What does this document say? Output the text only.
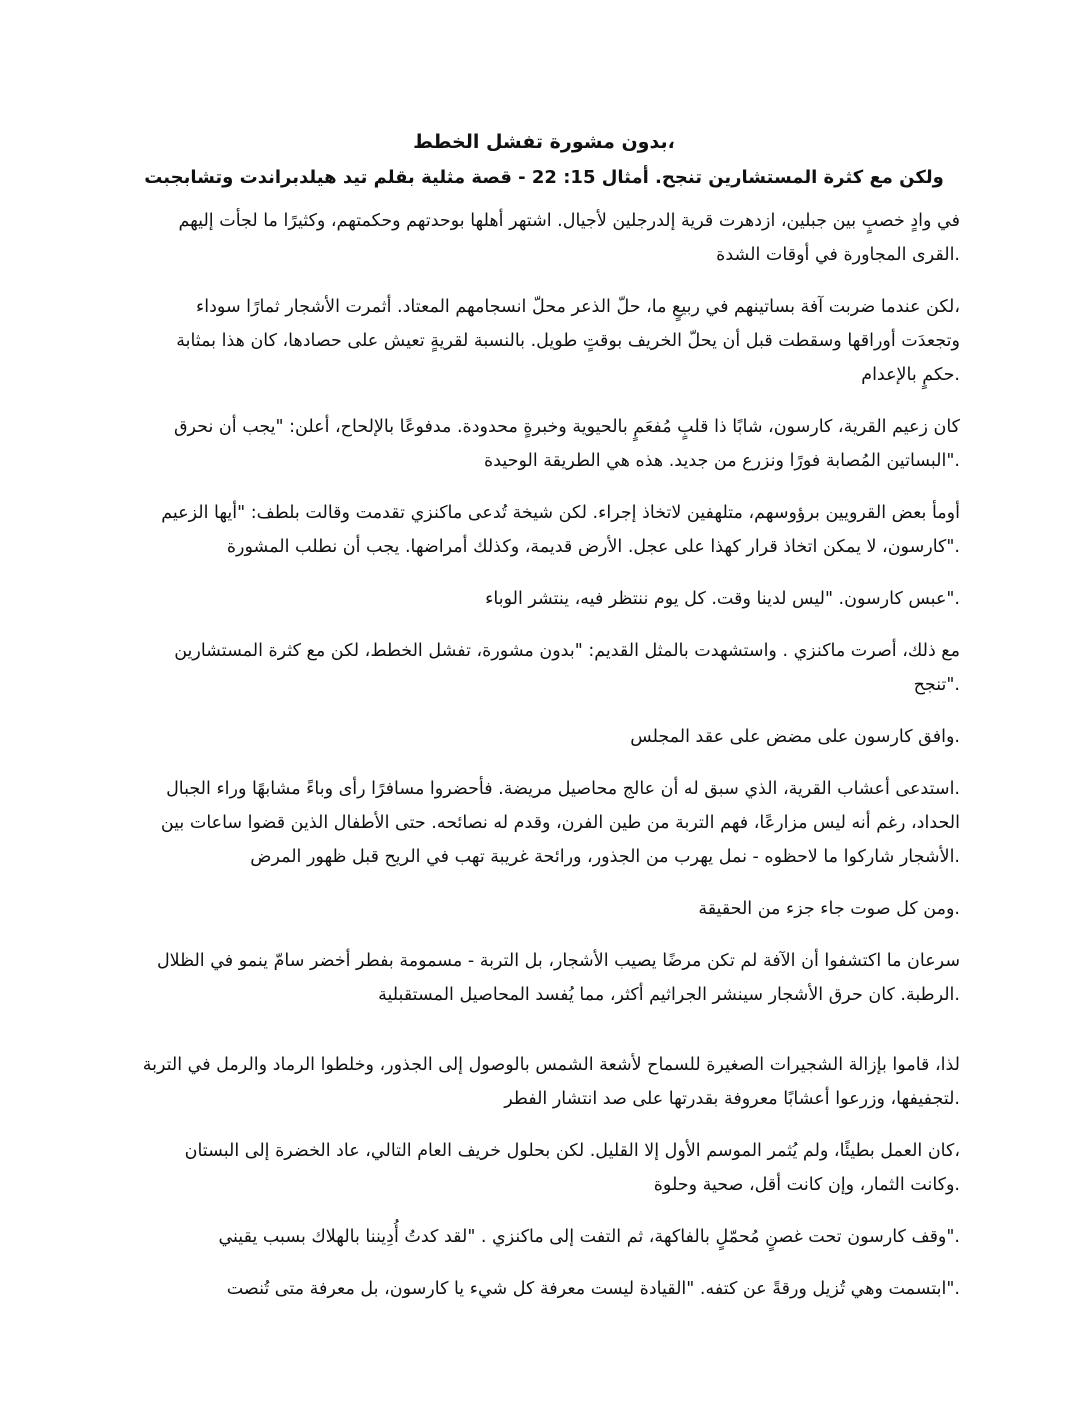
،بدون مشورة تفشل الخطط
ولكن مع كثرة المستشارين تنجح. أمثال 15: 22 - قصة مثلية بقلم تيد هيلدبراندت وتشابجبت

في وادٍ خصبٍ بين جبلين، ازدهرت قرية إلدرجلين لأجيال. اشتهر أهلها بوحدتهم وحكمتهم، وكثيرًا ما لجأت إليهم
.القرى المجاورة في أوقات الشدة

،لكن عندما ضربت آفة بساتينهم في ربيعٍ ما، حلّ الذعر محلّ انسجامهم المعتاد. أثمرت الأشجار ثمارًا سوداء
وتجعدَت أوراقها وسقطت قبل أن يحلّ الخريف بوقتٍ طويل. بالنسبة لقريةٍ تعيش على حصادها، كان هذا بمثابة
.حكمٍ بالإعدام

كان زعيم القرية، كارسون، شابًا ذا قلبٍ مُفعَمٍ بالحيوية وخبرةٍ محدودة. مدفوعًا بالإلحاح، أعلن: "يجب أن نحرق
."البساتين المُصابة فورًا ونزرع من جديد. هذه هي الطريقة الوحيدة

أومأ بعض القرويين برؤوسهم، متلهفين لاتخاذ إجراء. لكن شيخة تُدعى ماكنزي تقدمت وقالت بلطف: "أيها الزعيم
."كارسون، لا يمكن اتخاذ قرار كهذا على عجل. الأرض قديمة، وكذلك أمراضها. يجب أن نطلب المشورة

."عبس كارسون. "ليس لدينا وقت. كل يوم ننتظر فيه، ينتشر الوباء

مع ذلك، أصرت ماكنزي . واستشهدت بالمثل القديم: "بدون مشورة، تفشل الخطط، لكن مع كثرة المستشارين
."تنجح

.وافق كارسون على مضض على عقد المجلس

.استدعى أعشاب القرية، الذي سبق له أن عالج محاصيل مريضة. فأحضروا مسافرًا رأى وباءً مشابهًا وراء الجبال
الحداد، رغم أنه ليس مزارعًا، فهم التربة من طين الفرن، وقدم له نصائحه. حتى الأطفال الذين قضوا ساعات بين
.الأشجار شاركوا ما لاحظوه - نمل يهرب من الجذور، ورائحة غريبة تهب في الريح قبل ظهور المرض

.ومن كل صوت جاء جزء من الحقيقة

سرعان ما اكتشفوا أن الآفة لم تكن مرضًا يصيب الأشجار، بل التربة - مسمومة بفطر أخضر سامّ ينمو في الظلال
.الرطبة. كان حرق الأشجار سينشر الجراثيم أكثر، مما يُفسد المحاصيل المستقبلية

لذا، قاموا بإزالة الشجيرات الصغيرة للسماح لأشعة الشمس بالوصول إلى الجذور، وخلطوا الرماد والرمل في التربة
.لتجفيفها، وزرعوا أعشابًا معروفة بقدرتها على صد انتشار الفطر

،كان العمل بطيئًا، ولم يُثمر الموسم الأول إلا القليل. لكن بحلول خريف العام التالي، عاد الخضرة إلى البستان
.وكانت الثمار، وإن كانت أقل، صحية وحلوة

."وقف كارسون تحت غصنٍ مُحمّلٍ بالفاكهة، ثم التفت إلى ماكنزي . "لقد كدتُ أُدِيننا بالهلاك بسبب يقيني

."ابتسمت وهي تُزيل ورقةً عن كتفه. "القيادة ليست معرفة كل شيء يا كارسون، بل معرفة متى تُنصت
